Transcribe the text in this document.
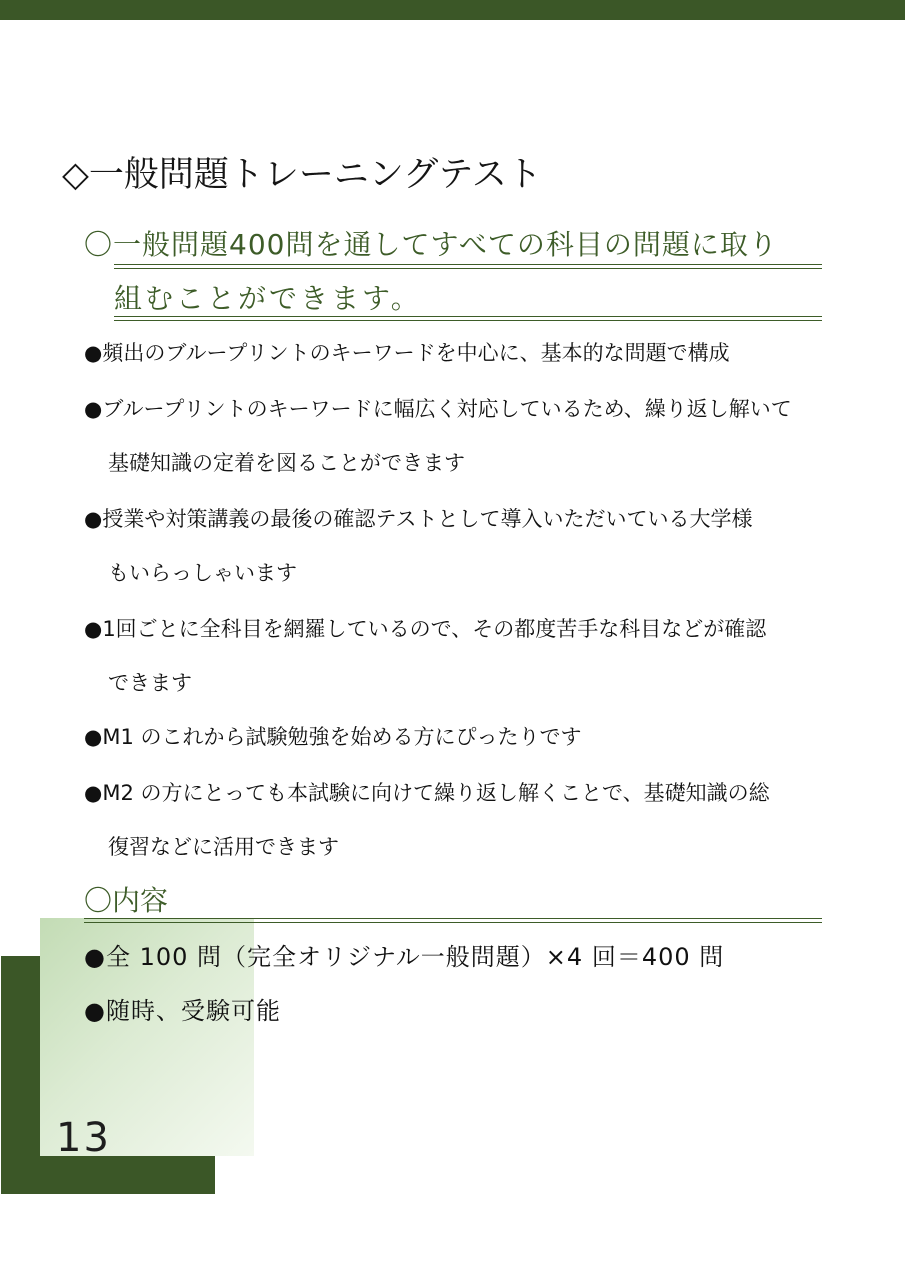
13
◇一般問題トレーニングテスト
〇一般問題400問を通してすべての科目の問題に取り
組むことができます。
●頻出のブループリントのキーワードを中心に、基本的な問題で構成
●ブループリントのキーワードに幅広く対応しているため、繰り返し解いて
基礎知識の定着を図ることができます
●授業や対策講義の最後の確認テストとして導入いただいている大学様
もいらっしゃいます
●1回ごとに全科目を網羅しているので、その都度苦手な科目などが確認
できます
●M1 のこれから試験勉強を始める方にぴったりです
●M2 の方にとっても本試験に向けて繰り返し解くことで、基礎知識の総
復習などに活用できます
〇内容
●全 100 問（完全オリジナル一般問題）×4 回＝400 問
●随時、受験可能
